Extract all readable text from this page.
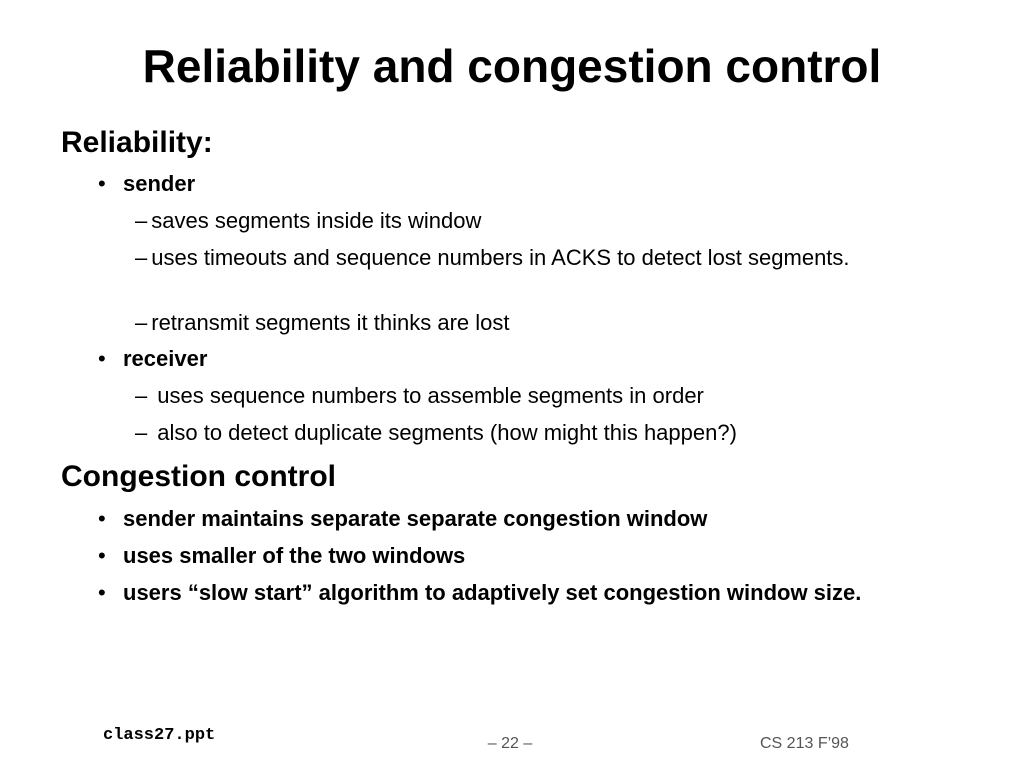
Reliability and congestion control
Reliability:
• sender
– saves segments inside its window
– uses timeouts and sequence numbers in ACKS to detect lost segments.
– retransmit segments it thinks are lost
• receiver
– uses sequence numbers to assemble segments in order
– also to detect duplicate segments (how might this happen?)
Congestion control
• sender maintains separate separate congestion window
• uses smaller of the two windows
• users “slow start” algorithm to adaptively set congestion window size.
class27.ppt	– 22 –	CS 213 F’98
